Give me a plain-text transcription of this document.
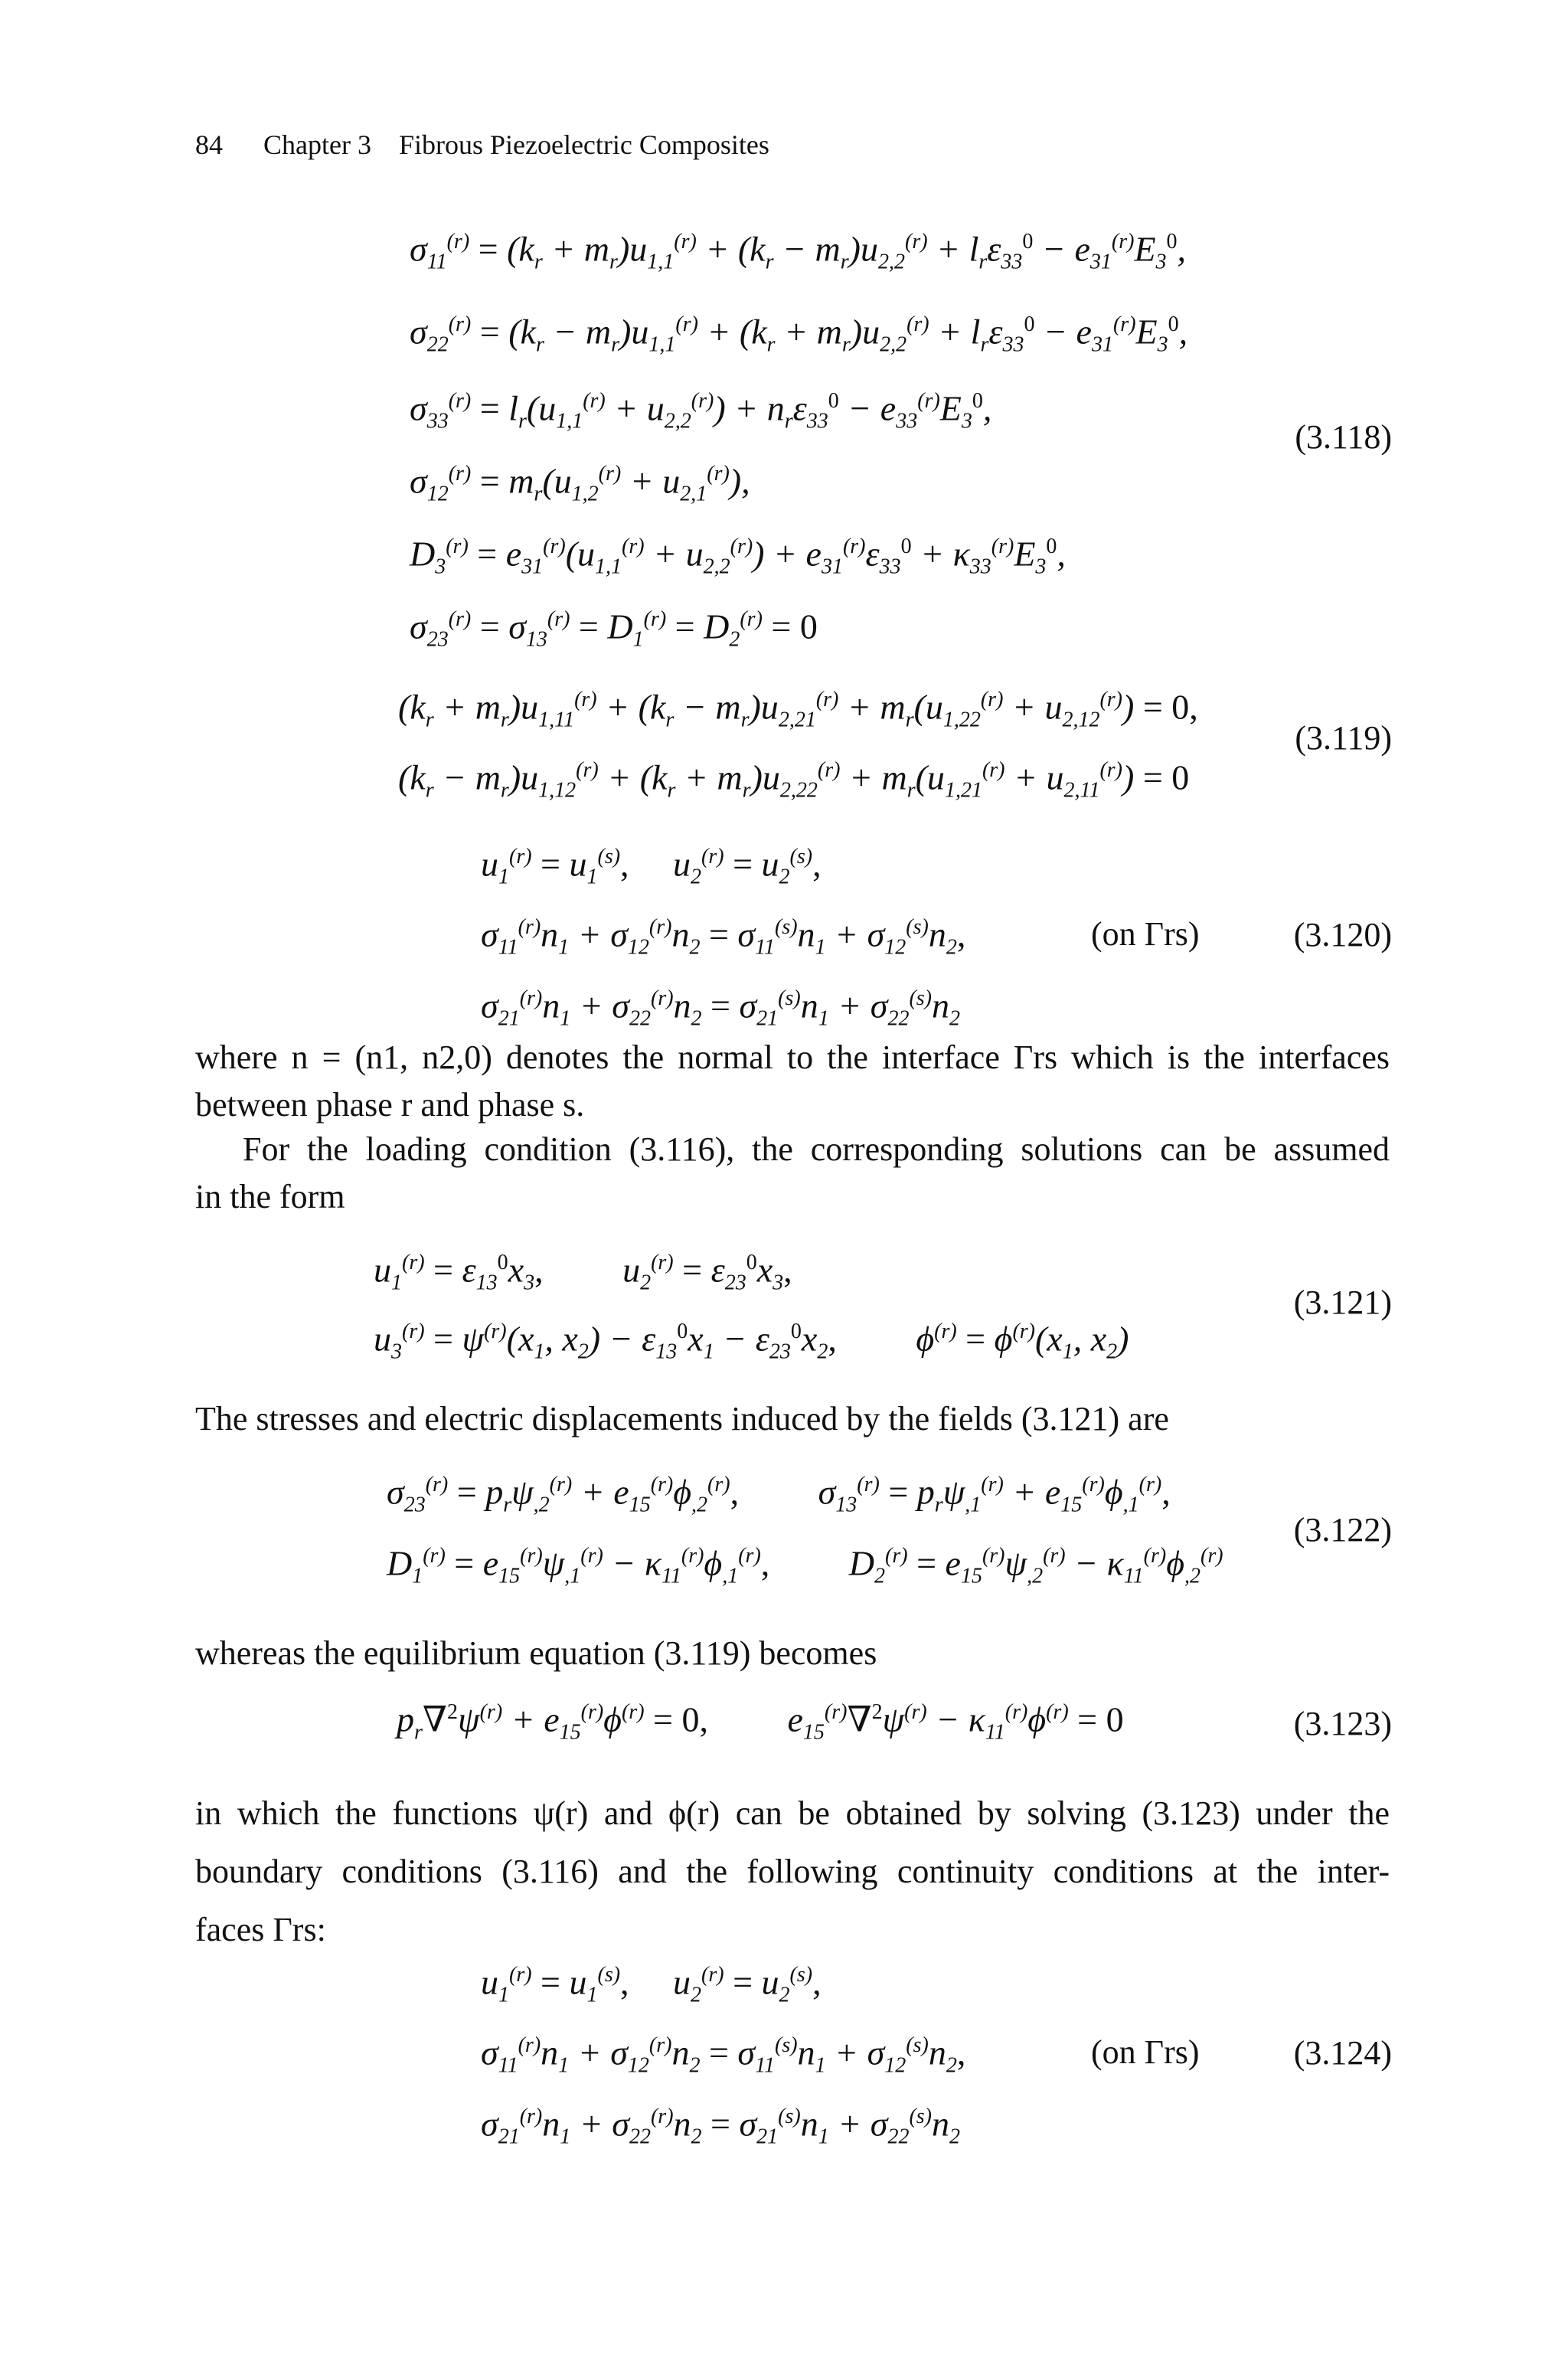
84 Chapter 3    Fibrous Piezoelectric Composites
$\sigma_{11}^{(r)} = (k_r + m_r)u_{1,1}^{(r)} + (k_r - m_r)u_{2,2}^{(r)} + l_r\varepsilon_{33}^0 - e_{31}^{(r)}E_3^0$,
$\sigma_{22}^{(r)} = (k_r - m_r)u_{1,1}^{(r)} + (k_r + m_r)u_{2,2}^{(r)} + l_r\varepsilon_{33}^0 - e_{31}^{(r)}E_3^0$,
$\sigma_{33}^{(r)} = l_r(u_{1,1}^{(r)} + u_{2,2}^{(r)}) + n_r\varepsilon_{33}^0 - e_{33}^{(r)}E_3^0$,
$\sigma_{12}^{(r)} = m_r(u_{1,2}^{(r)} + u_{2,1}^{(r)})$,
$D_3^{(r)} = e_{31}^{(r)}(u_{1,1}^{(r)} + u_{2,2}^{(r)}) + e_{31}^{(r)}\varepsilon_{33}^0 + \kappa_{33}^{(r)}E_3^0$,
$\sigma_{23}^{(r)} = \sigma_{13}^{(r)} = D_1^{(r)} = D_2^{(r)} = 0$
(3.118)
$(k_r + m_r)u_{1,11}^{(r)} + (k_r - m_r)u_{2,21}^{(r)} + m_r(u_{1,22}^{(r)} + u_{2,12}^{(r)}) = 0$,
$(k_r - m_r)u_{1,12}^{(r)} + (k_r + m_r)u_{2,22}^{(r)} + m_r(u_{1,21}^{(r)} + u_{2,11}^{(r)}) = 0$
(3.119)
$u_1^{(r)} = u_1^{(s)}$,     $u_2^{(r)} = u_2^{(s)}$,
$\sigma_{11}^{(r)}n_1 + \sigma_{12}^{(r)}n_2 = \sigma_{11}^{(s)}n_1 + \sigma_{12}^{(s)}n_2$,
$\sigma_{21}^{(r)}n_1 + \sigma_{22}^{(r)}n_2 = \sigma_{21}^{(s)}n_1 + \sigma_{22}^{(s)}n_2$
(on Γrs)	(3.120)
where n = (n1, n2,0) denotes the normal to the interface Γrs which is the interfaces
between phase r and phase s.
For the loading condition (3.116), the corresponding solutions can be assumed
in the form
$u_1^{(r)} = \varepsilon_{13}^0x_3$,         $u_2^{(r)} = \varepsilon_{23}^0x_3$,
$u_3^{(r)} = \psi^{(r)}(x_1$, $x_2) - \varepsilon_{13}^0x_1 - \varepsilon_{23}^0x_2$,         $\phi^{(r)} = \phi^{(r)}(x_1$, $x_2$)
(3.121)
The stresses and electric displacements induced by the fields (3.121) are
$\sigma_{23}^{(r)} = p_r\psi_{,2}^{(r)} + e_{15}^{(r)}\phi_{,2}^{(r)}$,         $\sigma_{13}^{(r)} = p_r\psi_{,1}^{(r)} + e_{15}^{(r)}\phi_{,1}^{(r)}$,
$D_1^{(r)} = e_{15}^{(r)}\psi_{,1}^{(r)} - \kappa_{11}^{(r)}\phi_{,1}^{(r)}$,         $D_2^{(r)} = e_{15}^{(r)}\psi_{,2}^{(r)} - \kappa_{11}^{(r)}\phi_{,2}^{(r)}$
(3.122)
whereas the equilibrium equation (3.119) becomes
$p_r\nabla^2\psi^{(r)} + e_{15}^{(r)}\phi^{(r)} = 0$,         $e_{15}^{(r)}\nabla^2\psi^{(r)} - \kappa_{11}^{(r)}\phi^{(r)} = 0$	(3.123)
in which the functions ψ(r) and ϕ(r) can be obtained by solving (3.123) under the
boundary conditions (3.116) and the following continuity conditions at the inter-
faces Γrs:
$u_1^{(r)} = u_1^{(s)}$,     $u_2^{(r)} = u_2^{(s)}$,
$\sigma_{11}^{(r)}n_1 + \sigma_{12}^{(r)}n_2 = \sigma_{11}^{(s)}n_1 + \sigma_{12}^{(s)}n_2$,
$\sigma_{21}^{(r)}n_1 + \sigma_{22}^{(r)}n_2 = \sigma_{21}^{(s)}n_1 + \sigma_{22}^{(s)}n_2$
(on Γrs)	(3.124)
